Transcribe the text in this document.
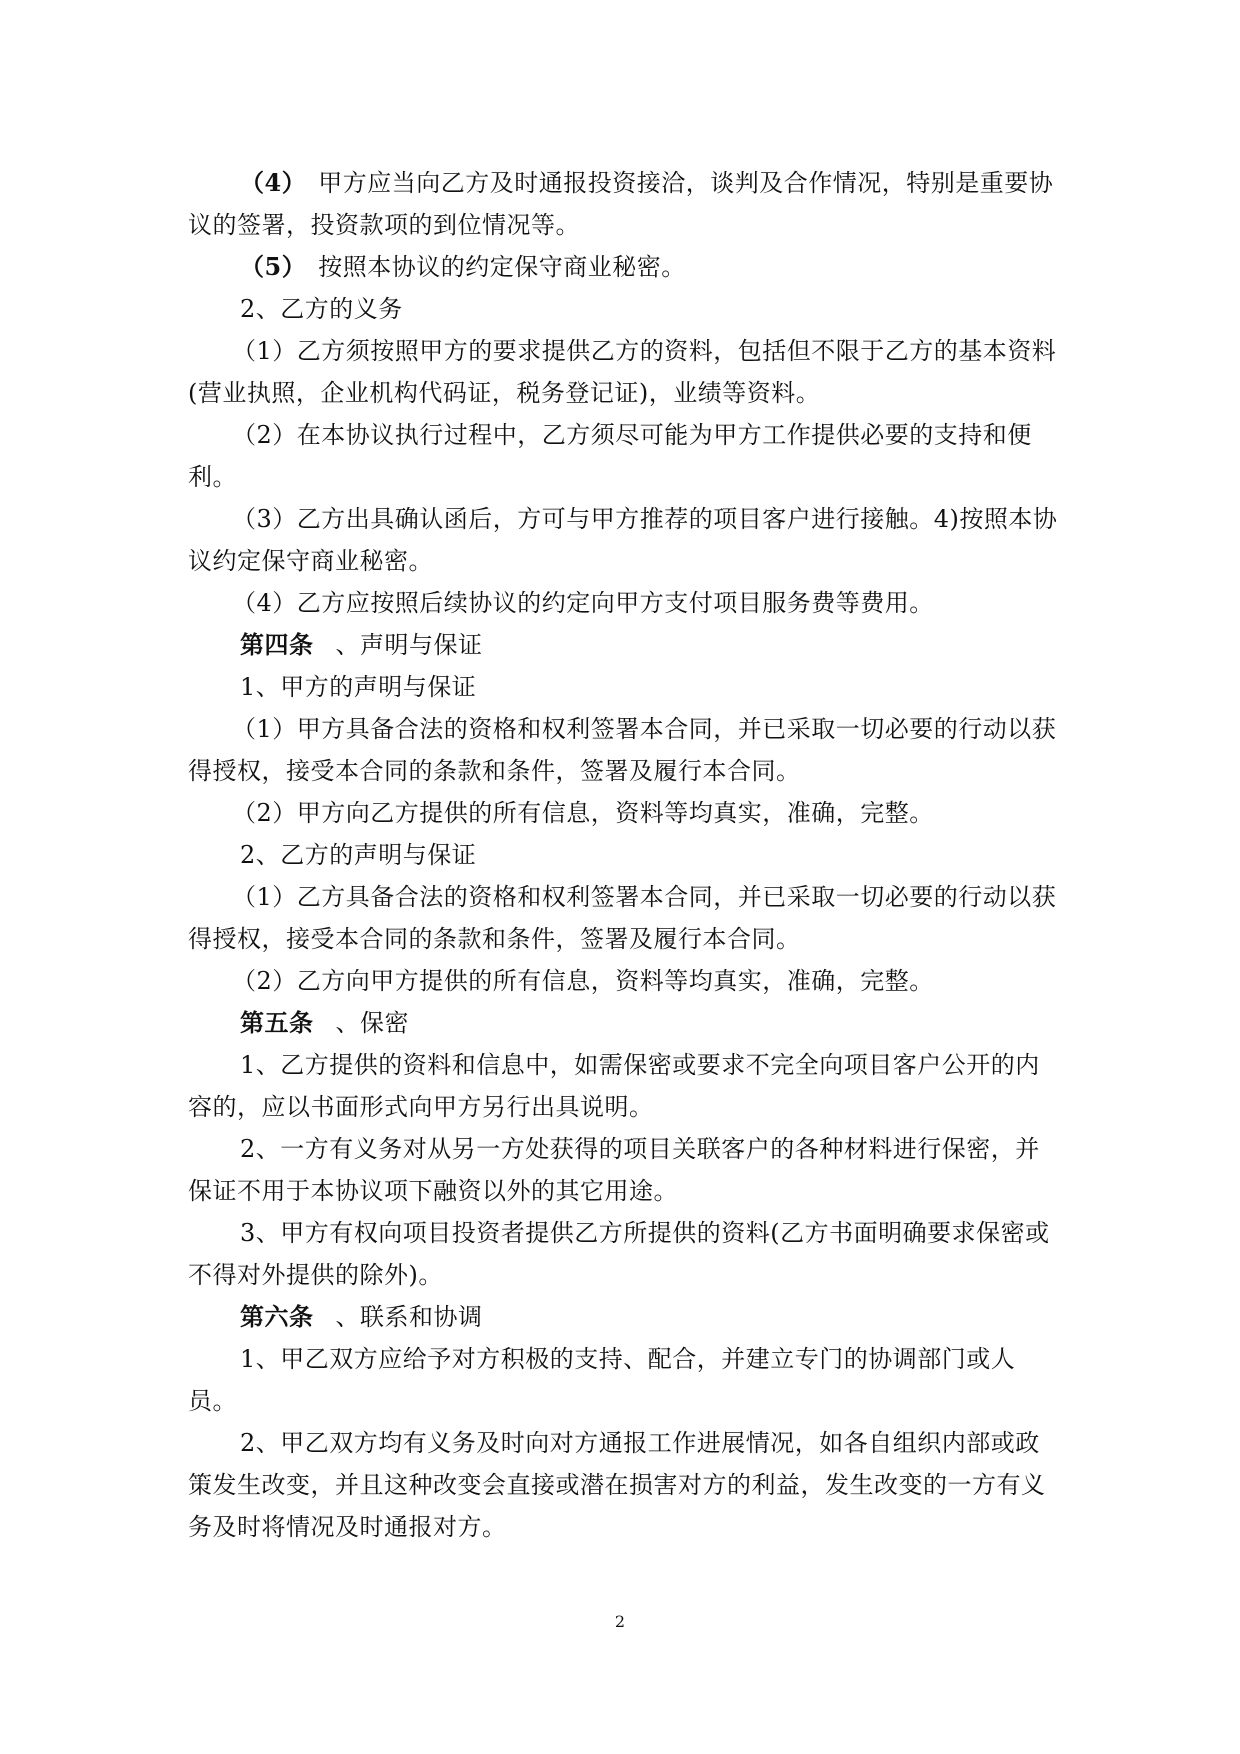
（4） 甲方应当向乙方及时通报投资接洽，谈判及合作情况，特别是重要协议的签署，投资款项的到位情况等。

（5） 按照本协议的约定保守商业秘密。

2、乙方的义务

（1）乙方须按照甲方的要求提供乙方的资料，包括但不限于乙方的基本资料(营业执照，企业机构代码证，税务登记证)，业绩等资料。

（2）在本协议执行过程中，乙方须尽可能为甲方工作提供必要的支持和便利。

（3）乙方出具确认函后，方可与甲方推荐的项目客户进行接触。4)按照本协议约定保守商业秘密。

（4）乙方应按照后续协议的约定向甲方支付项目服务费等费用。

第四条 、声明与保证

1、甲方的声明与保证

（1）甲方具备合法的资格和权利签署本合同，并已采取一切必要的行动以获得授权，接受本合同的条款和条件，签署及履行本合同。

（2）甲方向乙方提供的所有信息，资料等均真实，准确，完整。

2、乙方的声明与保证

（1）乙方具备合法的资格和权利签署本合同，并已采取一切必要的行动以获得授权，接受本合同的条款和条件，签署及履行本合同。

（2）乙方向甲方提供的所有信息，资料等均真实，准确，完整。

第五条 、保密

1、乙方提供的资料和信息中，如需保密或要求不完全向项目客户公开的内容的，应以书面形式向甲方另行出具说明。

2、一方有义务对从另一方处获得的项目关联客户的各种材料进行保密，并保证不用于本协议项下融资以外的其它用途。

3、甲方有权向项目投资者提供乙方所提供的资料(乙方书面明确要求保密或不得对外提供的除外)。

第六条 、联系和协调

1、甲乙双方应给予对方积极的支持、配合，并建立专门的协调部门或人员。

2、甲乙双方均有义务及时向对方通报工作进展情况，如各自组织内部或政策发生改变，并且这种改变会直接或潜在损害对方的利益，发生改变的一方有义务及时将情况及时通报对方。

2
